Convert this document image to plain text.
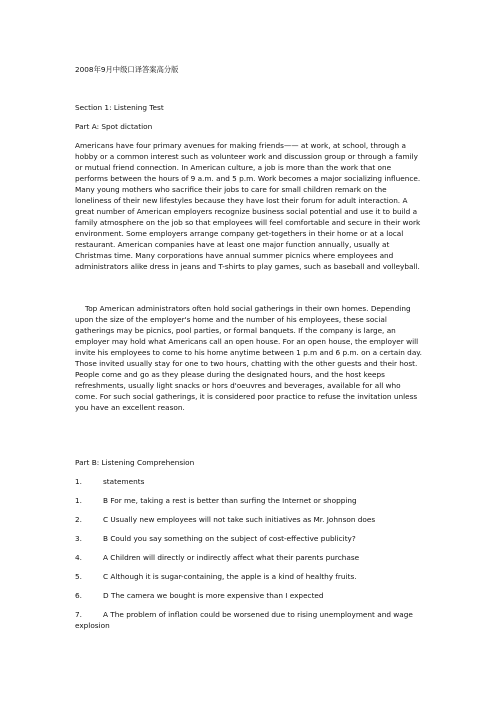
2008年9月中级口译答案高分版
Section 1: Listening Test
Part A: Spot dictation
Americans have four primary avenues for making friends—— at work, at school, through a hobby or a common interest such as volunteer work and discussion group or through a family or mutual friend connection. In American culture, a job is more than the work that one performs between the hours of 9 a.m. and 5 p.m. Work becomes a major socializing influence. Many young mothers who sacrifice their jobs to care for small children remark on the loneliness of their new lifestyles because they have lost their forum for adult interaction. A great number of American employers recognize business social potential and use it to build a family atmosphere on the job so that employees will feel comfortable and secure in their work environment. Some employers arrange company get-togethers in their home or at a local restaurant. American companies have at least one major function annually, usually at Christmas time. Many corporations have annual summer picnics where employees and administrators alike dress in jeans and T-shirts to play games, such as baseball and volleyball.
Top American administrators often hold social gatherings in their own homes. Depending upon the size of the employer's home and the number of his employees, these social gatherings may be picnics, pool parties, or formal banquets. If the company is large, an employer may hold what Americans call an open house. For an open house, the employer will invite his employees to come to his home anytime between 1 p.m and 6 p.m. on a certain day. Those invited usually stay for one to two hours, chatting with the other guests and their host. People come and go as they please during the designated hours, and the host keeps refreshments, usually light snacks or hors d'oeuvres and beverages, available for all who come. For such social gatherings, it is considered poor practice to refuse the invitation unless you have an excellent reason.
Part B: Listening Comprehension
1.	statements
1.	B For me, taking a rest is better than surfing the Internet or shopping
2.	C Usually new employees will not take such initiatives as Mr. Johnson does
3.	B Could you say something on the subject of cost-effective publicity?
4.	A Children will directly or indirectly affect what their parents purchase
5.	C Although it is sugar-containing, the apple is a kind of healthy fruits.
6.	D The camera we bought is more expensive than I expected
7.	A The problem of inflation could be worsened due to rising unemployment and wage explosion
